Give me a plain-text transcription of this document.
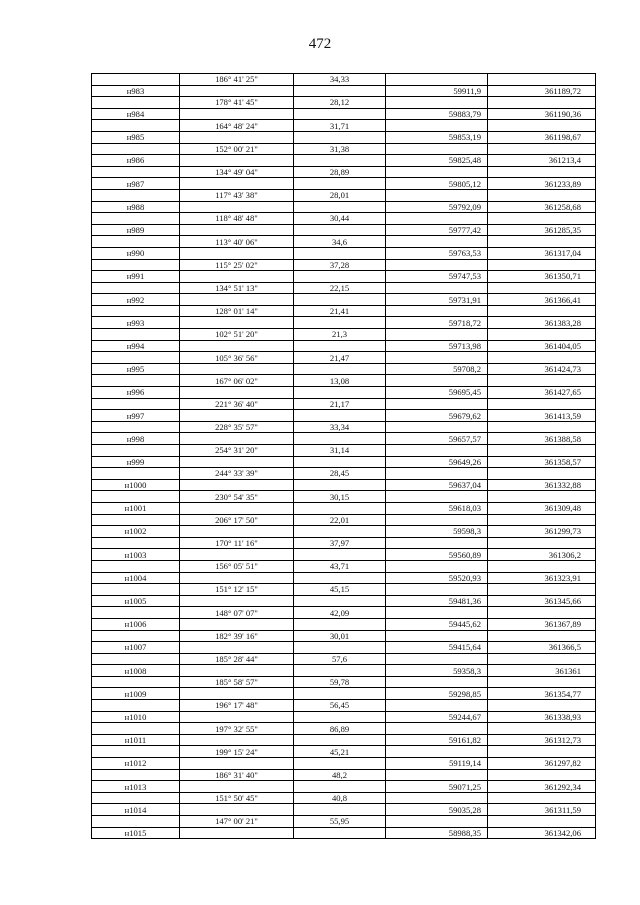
472
	186° 41' 25"	34,33		
н983			59911,9	361189,72
	178° 41' 45"	28,12		
н984			59883,79	361190,36
	164° 48' 24"	31,71		
н985			59853,19	361198,67
	152° 00' 21"	31,38		
н986			59825,48	361213,4
	134° 49' 04"	28,89		
н987			59805,12	361233,89
	117° 43' 38"	28,01		
н988			59792,09	361258,68
	118° 48' 48"	30,44		
н989			59777,42	361285,35
	113° 40' 06"	34,6		
н990			59763,53	361317,04
	115° 25' 02"	37,28		
н991			59747,53	361350,71
	134° 51' 13"	22,15		
н992			59731,91	361366,41
	128° 01' 14"	21,41		
н993			59718,72	361383,28
	102° 51' 20"	21,3		
н994			59713,98	361404,05
	105° 36' 56"	21,47		
н995			59708,2	361424,73
	167° 06' 02"	13,08		
н996			59695,45	361427,65
	221° 36' 40"	21,17		
н997			59679,62	361413,59
	228° 35' 57"	33,34		
н998			59657,57	361388,58
	254° 31' 20"	31,14		
н999			59649,26	361358,57
	244° 33' 39"	28,45		
н1000			59637,04	361332,88
	230° 54' 35"	30,15		
н1001			59618,03	361309,48
	206° 17' 50"	22,01		
н1002			59598,3	361299,73
	170° 11' 16"	37,97		
н1003			59560,89	361306,2
	156° 05' 51"	43,71		
н1004			59520,93	361323,91
	151° 12' 15"	45,15		
н1005			59481,36	361345,66
	148° 07' 07"	42,09		
н1006			59445,62	361367,89
	182° 39' 16"	30,01		
н1007			59415,64	361366,5
	185° 28' 44"	57,6		
н1008			59358,3	361361
	185° 58' 57"	59,78		
н1009			59298,85	361354,77
	196° 17' 48"	56,45		
н1010			59244,67	361338,93
	197° 32' 55"	86,89		
н1011			59161,82	361312,73
	199° 15' 24"	45,21		
н1012			59119,14	361297,82
	186° 31' 40"	48,2		
н1013			59071,25	361292,34
	151° 50' 45"	40,8		
н1014			59035,28	361311,59
	147° 00' 21"	55,95		
н1015			58988,35	361342,06
